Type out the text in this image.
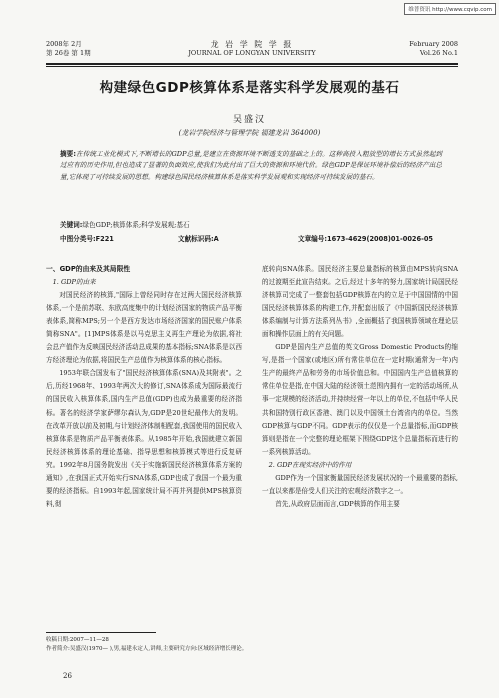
维普资讯 http://www.cqvip.com
2008年 2月
第 26卷 第 1期
龙 岩 学 院 学 报
JOURNAL OF LONGYAN UNIVERSITY
February 2008
Vol.26 No.1
构建绿色GDP核算体系是落实科学发展观的基石
吴盛汉
(龙岩学院经济与管理学院 福建龙岩 364000)
摘要:在传统工业化模式下,不断增长的GDP总量,是建立在资源环境不断透支的基础之上的。这种高投入粗放型的增长方式虽然起到过应有的历史作用,但也造成了显著的负面效应,使我们为此付出了巨大的资源和环境代价。绿色GDP是保证环境补偿后的经济产出总量,它体现了可持续发展的思想。构建绿色国民经济核算体系是落实科学发展观和实现经济可持续发展的基石。
关键词:绿色GDP;核算体系;科学发展观;基石
中图分类号:F221	文献标识码:A	文章编号:1673-4629(2008)01-0026-05
一、GDP的由来及其局限性
1. GDP的由来

对国民经济的核算,"国际上曾经同时存在过两大国民经济核算体系,一个是前苏联、东欧高度集中的计划经济国家的物质产品平衡表体系,简称MPS;另一个是西方发达市场经济国家的国民账户体系简称SNA"。[1]MPS体系是以马克思主义再生产理论为依据,将社会总产值作为反映国民经济活动总成果的基本指标;SNA体系是以西方经济理论为依据,将国民生产总值作为核算体系的核心指标。

1953年联合国发布了"国民经济核算体系(SNA)及其附表"。之后,历经1968年、1993年两次大的修订,SNA体系成为国际最流行的国民收入核算体系,国内生产总值(GDP)也成为最重要的经济指标。著名的经济学家萨缪尔森认为,GDP是20世纪最伟大的发明。在改革开放以前及初期,与计划经济体制相配套,我国使用的国民收入核算体系是物质产品平衡表体系。从1985年开始,我国就建立新国民经济核算体系的理论基础、指导思想和核算模式等进行反复研究。1992年8月国务院发出《关于实施新国民经济核算体系方案的通知》,在我国正式开始实行SNA体系,GDP也成了我国一个最为重要的经济指标。自1993年起,国家统计局不再并列提供MPS核算资料,彻

底转向SNA体系。国民经济主要总量指标的核算由MPS转向SNA的过渡期至此宣告结束。之后,经过十多年的努力,国家统计局国民经济核算司完成了一整套包括GDP核算在内的立足于中国国情的中国国民经济核算体系的构建工作,并配套出版了《中国新国民经济核算体系编制与计算方法系列丛书》,全面概括了我国核算领域在理论层面和操作层面上的有关问题。

GDP是国内生产总值的英文Gross Domestic Products的缩写,是指一个国家(或地区)所有常住单位在一定时期(通常为一年)内生产的最终产品和劳务的市场价值总和。中国国内生产总值核算的常住单位是指,在中国大陆的经济领土范围内拥有一定的活动场所,从事一定规模的经济活动,并持续经营一年以上的单位,不包括中华人民共和国特别行政区香港、澳门以及中国领土台湾省内的单位。当然GDP核算与GDP不同。GDP表示的仅仅是一个总量指标,而GDP核算则是指在一个完整的理论框架下围绕GDP这个总量指标而进行的一系列核算活动。

2. GDP在现实经济中的作用

GDP作为一个国家衡量国民经济发展状况的一个最重要的指标,一直以来都是倍受人们关注的宏观经济数字之一。

首先,从政府层面而言,GDP核算的作用主要

收稿日期:2007—11—28
作者简介:吴盛汉(1970— ),男,福建永定人,讲师,主要研究方向:区域经济增长理论。
26
